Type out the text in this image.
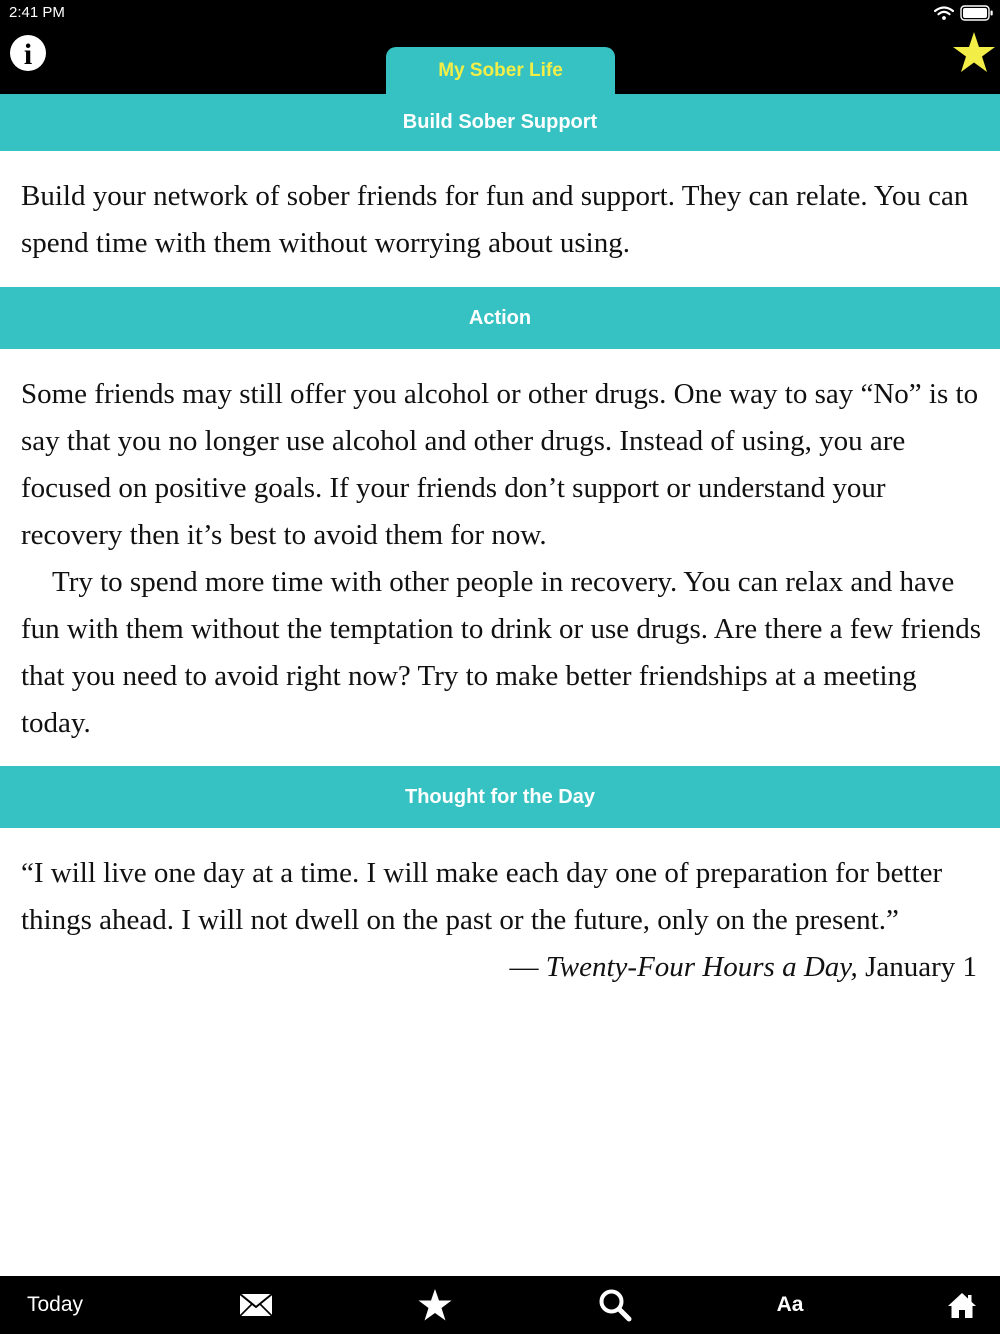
2:41 PM
i	My Sober Life
Build Sober Support

Build your network of sober friends for fun and support. They can relate. You can spend time with them without worrying about using.

Action

Some friends may still offer you alcohol or other drugs. One way to say “No” is to say that you no longer use alcohol and other drugs. Instead of using, you are focused on positive goals. If your friends don’t support or understand your recovery then it’s best to avoid them for now.

Try to spend more time with other people in recovery. You can relax and have fun with them without the temptation to drink or use drugs. Are there a few friends that you need to avoid right now? Try to make better friendships at a meeting today.

Thought for the Day

“I will live one day at a time. I will make each day one of preparation for better things ahead. I will not dwell on the past or the future, only on the present.”

— Twenty-Four Hours a Day, January 1

Today	Aa
